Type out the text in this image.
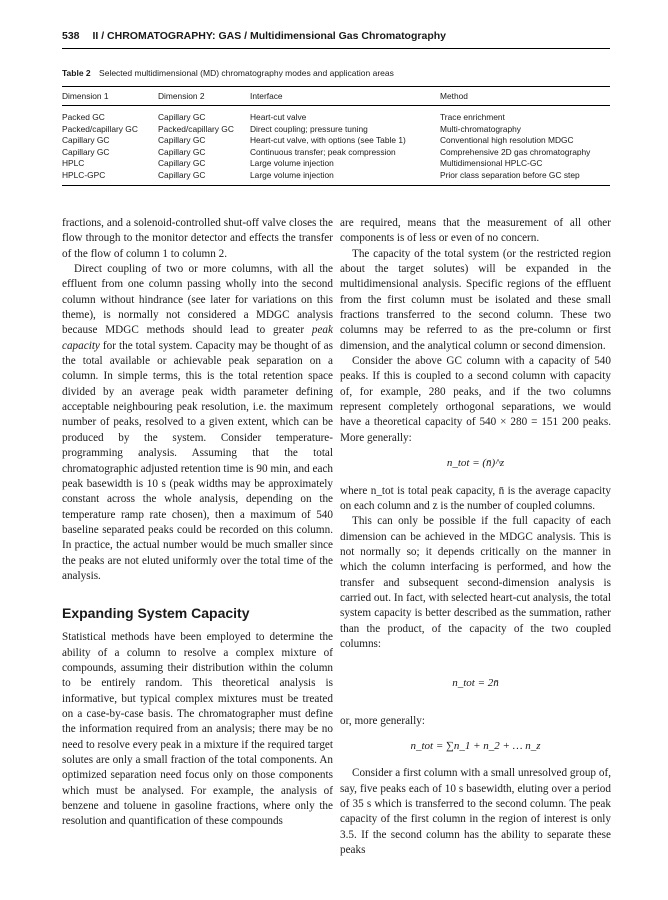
538 II / CHROMATOGRAPHY: GAS / Multidimensional Gas Chromatography
Table 2 Selected multidimensional (MD) chromatography modes and application areas
Dimension 1	Dimension 2	Interface	Method
Packed GC	Capillary GC	Heart-cut valve	Trace enrichment
Packed/capillary GC	Packed/capillary GC	Direct coupling; pressure tuning	Multi-chromatography
Capillary GC	Capillary GC	Heart-cut valve, with options (see Table 1)	Conventional high resolution MDGC
Capillary GC	Capillary GC	Continuous transfer; peak compression	Comprehensive 2D gas chromatography
HPLC	Capillary GC	Large volume injection	Multidimensional HPLC-GC
HPLC-GPC	Capillary GC	Large volume injection	Prior class separation before GC step

fractions, and a solenoid-controlled shut-off valve closes the flow through to the monitor detector and effects the transfer of the flow of column 1 to column 2.

Direct coupling of two or more columns, with all the effluent from one column passing wholly into the second column without hindrance (see later for variations on this theme), is normally not considered a MDGC analysis because MDGC methods should lead to greater peak capacity for the total system. Capacity may be thought of as the total available or achievable peak separation on a column. In simple terms, this is the total retention space divided by an average peak width parameter defining acceptable neighbouring peak resolution, i.e. the maximum number of peaks, resolved to a given extent, which can be produced by the system. Consider temperature-programming analysis. Assuming that the total chromatographic adjusted retention time is 90 min, and each peak basewidth is 10 s (peak widths may be approximately constant across the whole analysis, depending on the temperature ramp rate chosen), then a maximum of 540 baseline separated peaks could be recorded on this column. In practice, the actual number would be much smaller since the peaks are not eluted uniformly over the total time of the analysis.

Expanding System Capacity

Statistical methods have been employed to determine the ability of a column to resolve a complex mixture of compounds, assuming their distribution within the column to be entirely random. This theoretical analysis is informative, but typical complex mixtures must be treated on a case-by-case basis. The chromatographer must define the information required from an analysis; there may be no need to resolve every peak in a mixture if the required target solutes are only a small fraction of the total components. An optimized separation need focus only on those components which must be analysed. For example, the analysis of benzene and toluene in gasoline fractions, where only the resolution and quantification of these compounds

are required, means that the measurement of all other components is of less or even of no concern.

The capacity of the total system (or the restricted region about the target solutes) will be expanded in the multidimensional analysis. Specific regions of the effluent from the first column must be isolated and these small fractions transferred to the second column. These two columns may be referred to as the pre-column or first dimension, and the analytical column or second dimension.

Consider the above GC column with a capacity of 540 peaks. If this is coupled to a second column with capacity of, for example, 280 peaks, and if the two columns represent completely orthogonal separations, we would have a theoretical capacity of 540 × 280 = 151 200 peaks. More generally:

n_tot = (n̄)^z

where n_tot is total peak capacity, n̄ is the average capacity on each column and z is the number of coupled columns.

This can only be possible if the full capacity of each dimension can be achieved in the MDGC analysis. This is not normally so; it depends critically on the manner in which the column interfacing is performed, and how the transfer and subsequent second-dimension analysis is carried out. In fact, with selected heart-cut analysis, the total system capacity is better described as the summation, rather than the product, of the capacity of the two coupled columns:

n_tot = 2n̄

or, more generally:

n_tot = ∑n_1 + n_2 + … n_z

Consider a first column with a small unresolved group of, say, five peaks each of 10 s basewidth, eluting over a period of 35 s which is transferred to the second column. The peak capacity of the first column in the region of interest is only 3.5. If the second column has the ability to separate these peaks
